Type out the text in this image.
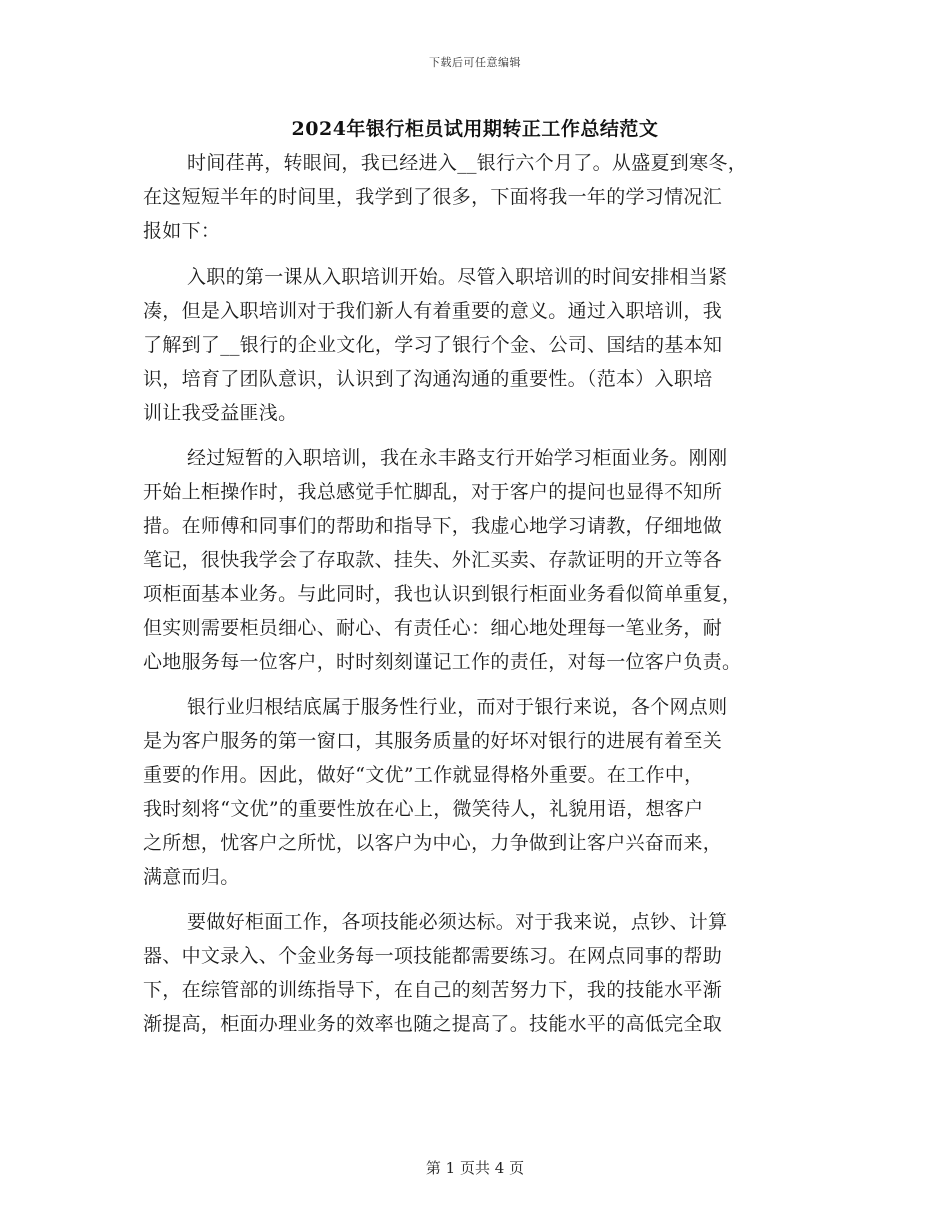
下载后可任意编辑
2024年银行柜员试用期转正工作总结范文

时间荏苒，转眼间，我已经进入__银行六个月了。从盛夏到寒冬，
在这短短半年的时间里，我学到了很多，下面将我一年的学习情况汇
报如下：

入职的第一课从入职培训开始。尽管入职培训的时间安排相当紧
凑，但是入职培训对于我们新人有着重要的意义。通过入职培训，我
了解到了__银行的企业文化，学习了银行个金、公司、国结的基本知
识，培育了团队意识，认识到了沟通沟通的重要性。（范本）入职培
训让我受益匪浅。

经过短暂的入职培训，我在永丰路支行开始学习柜面业务。刚刚
开始上柜操作时，我总感觉手忙脚乱，对于客户的提问也显得不知所
措。在师傅和同事们的帮助和指导下，我虚心地学习请教，仔细地做
笔记，很快我学会了存取款、挂失、外汇买卖、存款证明的开立等各
项柜面基本业务。与此同时，我也认识到银行柜面业务看似简单重复，
但实则需要柜员细心、耐心、有责任心：细心地处理每一笔业务，耐
心地服务每一位客户，时时刻刻谨记工作的责任，对每一位客户负责。

银行业归根结底属于服务性行业，而对于银行来说，各个网点则
是为客户服务的第一窗口，其服务质量的好坏对银行的进展有着至关
重要的作用。因此，做好“文优”工作就显得格外重要。在工作中，
我时刻将“文优”的重要性放在心上，微笑待人，礼貌用语，想客户
之所想，忧客户之所忧，以客户为中心，力争做到让客户兴奋而来，
满意而归。

要做好柜面工作，各项技能必须达标。对于我来说，点钞、计算
器、中文录入、个金业务每一项技能都需要练习。在网点同事的帮助
下，在综管部的训练指导下，在自己的刻苦努力下，我的技能水平渐
渐提高，柜面办理业务的效率也随之提高了。技能水平的高低完全取

第 1 页共 4 页
